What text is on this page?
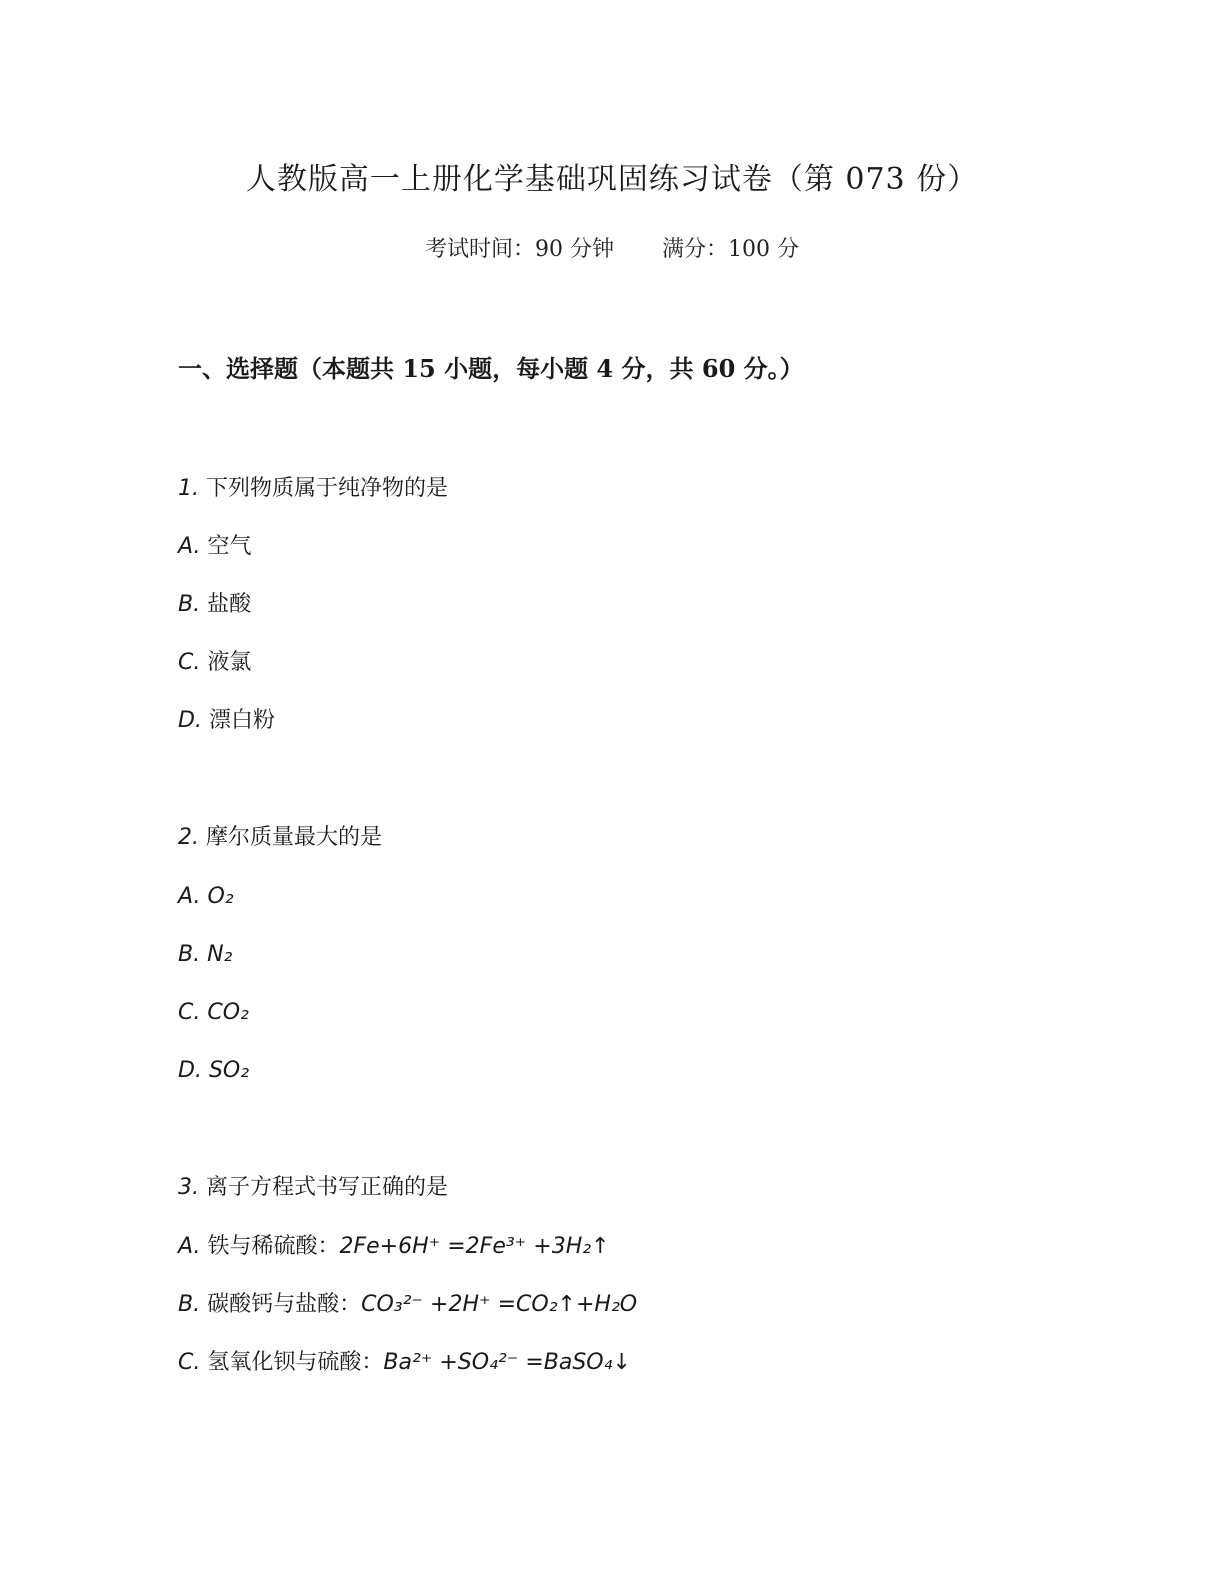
人教版高一上册化学基础巩固练习试卷（第 073 份）
考试时间：90 分钟 满分：100 分
一、选择题（本题共 15 小题，每小题 4 分，共 60 分。）
1. 下列物质属于纯净物的是
A. 空气
B. 盐酸
C. 液氯
D. 漂白粉
2. 摩尔质量最大的是
A. O₂
B. N₂
C. CO₂
D. SO₂
3. 离子方程式书写正确的是
A. 铁与稀硫酸：2Fe+6H⁺ =2Fe³⁺ +3H₂↑
B. 碳酸钙与盐酸：CO₃²⁻ +2H⁺ =CO₂↑+H₂O
C. 氢氧化钡与硫酸：Ba²⁺ +SO₄²⁻ =BaSO₄↓
